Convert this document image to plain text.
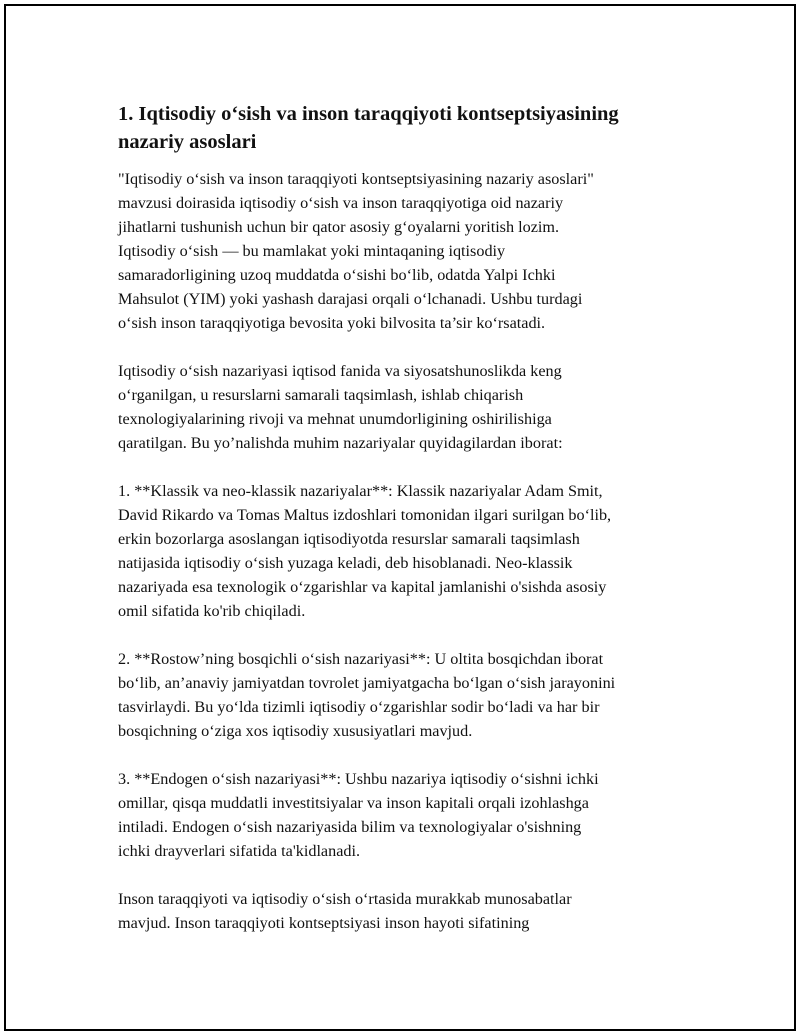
1. Iqtisodiy o‘sish va inson taraqqiyoti kontseptsiyasining
nazariy asoslari

"Iqtisodiy o‘sish va inson taraqqiyoti kontseptsiyasining nazariy asoslari"
mavzusi doirasida iqtisodiy o‘sish va inson taraqqiyotiga oid nazariy
jihatlarni tushunish uchun bir qator asosiy g‘oyalarni yoritish lozim.
Iqtisodiy o‘sish — bu mamlakat yoki mintaqaning iqtisodiy
samaradorligining uzoq muddatda o‘sishi bo‘lib, odatda Yalpi Ichki
Mahsulot (YIM) yoki yashash darajasi orqali o‘lchanadi. Ushbu turdagi
o‘sish inson taraqqiyotiga bevosita yoki bilvosita ta’sir ko‘rsatadi.

Iqtisodiy o‘sish nazariyasi iqtisod fanida va siyosatshunoslikda keng
o‘rganilgan, u resurslarni samarali taqsimlash, ishlab chiqarish
texnologiyalarining rivoji va mehnat unumdorligining oshirilishiga
qaratilgan. Bu yo’nalishda muhim nazariyalar quyidagilardan iborat:

1. **Klassik va neo-klassik nazariyalar**: Klassik nazariyalar Adam Smit,
David Rikardo va Tomas Maltus izdoshlari tomonidan ilgari surilgan bo‘lib,
erkin bozorlarga asoslangan iqtisodiyotda resurslar samarali taqsimlash
natijasida iqtisodiy o‘sish yuzaga keladi, deb hisoblanadi. Neo-klassik
nazariyada esa texnologik o‘zgarishlar va kapital jamlanishi o'sishda asosiy
omil sifatida ko'rib chiqiladi.

2. **Rostow’ning bosqichli o‘sish nazariyasi**: U oltita bosqichdan iborat
bo‘lib, an’anaviy jamiyatdan tovrolet jamiyatgacha bo‘lgan o‘sish jarayonini
tasvirlaydi. Bu yo‘lda tizimli iqtisodiy o‘zgarishlar sodir bo‘ladi va har bir
bosqichning o‘ziga xos iqtisodiy xususiyatlari mavjud.

3. **Endogen o‘sish nazariyasi**: Ushbu nazariya iqtisodiy o‘sishni ichki
omillar, qisqa muddatli investitsiyalar va inson kapitali orqali izohlashga
intiladi. Endogen o‘sish nazariyasida bilim va texnologiyalar o'sishning
ichki drayverlari sifatida ta'kidlanadi.

Inson taraqqiyoti va iqtisodiy o‘sish o‘rtasida murakkab munosabatlar
mavjud. Inson taraqqiyoti kontseptsiyasi inson hayoti sifatining
